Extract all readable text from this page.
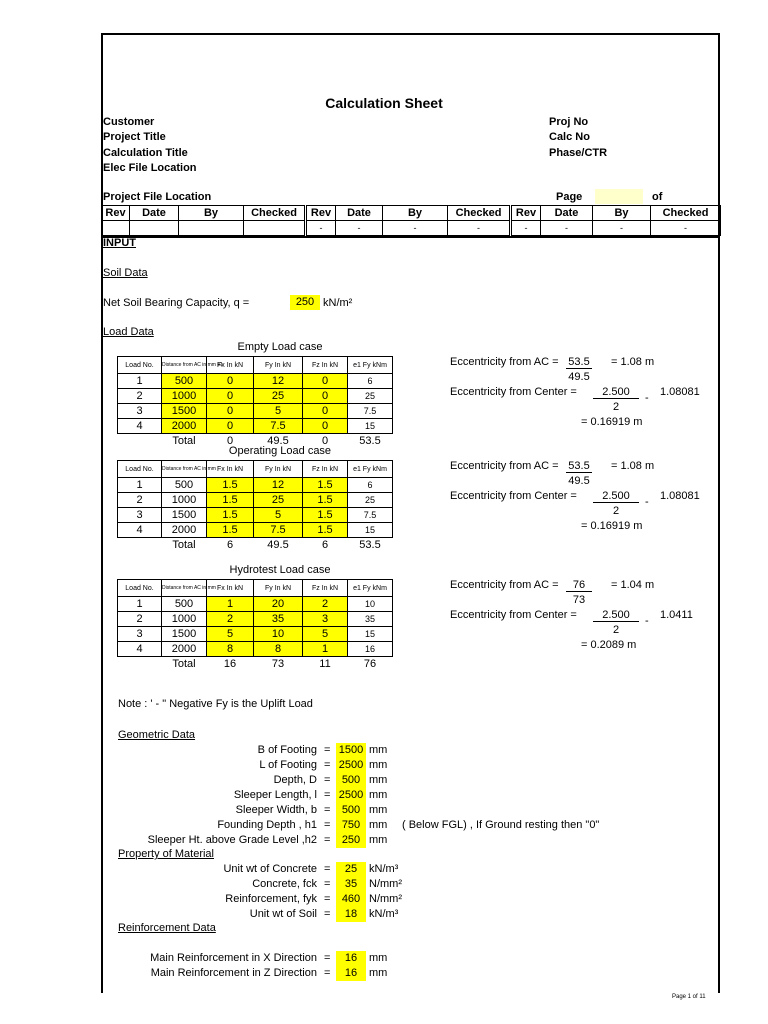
Calculation Sheet
Customer
Project Title
Calculation Title
Elec File Location
Project File Location
Proj No
Calc No
Phase/CTR
Page	of
Rev	Date	By	Checked	Rev	Date	By	Checked	Rev	Date	By	Checked
				-	-	-	-	-	-	-	-
INPUT
Soil Data
Net Soil Bearing Capacity, q =	250 kN/m²
Load Data
Empty Load case
Load No.	Distance from AC in mm e1	Fx In kN	Fy In kN	Fz In kN	e1 Fy kNm
1	500	0	12	0	6
2	1000	0	25	0	25
3	1500	0	5	0	7.5
4	2000	0	7.5	0	15
	Total	0	49.5	0	53.5
Eccentricity from AC = 53.5
49.5
= 1.08 m
Eccentricity from Center =	2.500
2
- 1.08081
= 0.16919 m
Operating Load case
Load No.	Distance from AC in mm	Fx In kN	Fy In kN	Fz In kN	e1 Fy kNm
1	500	1.5	12	1.5	6
2	1000	1.5	25	1.5	25
3	1500	1.5	5	1.5	7.5
4	2000	1.5	7.5	1.5	15
	Total	6	49.5	6	53.5
Eccentricity from AC = 53.5
49.5
= 1.08 m
Eccentricity from Center =	2.500
2
- 1.08081
= 0.16919 m
Hydrotest Load case
Load No.	Distance from AC in mm	Fx In kN	Fy In kN	Fz In kN	e1 Fy kNm
1	500	1	20	2	10
2	1000	2	35	3	35
3	1500	5	10	5	15
4	2000	8	8	1	16
	Total	16	73	11	76
Eccentricity from AC =	76
73
= 1.04 m
Eccentricity from Center =	2.500
2
- 1.0411
= 0.2089 m
Note : ' - " Negative Fy is the Uplift Load
Geometric Data
B of Footing = 1500 mm
L of Footing = 2500 mm
Depth, D =	500 mm
Sleeper Length, l = 2500 mm
Sleeper Width, b =	500 mm
Founding Depth , h1 =	750 mm ( Below FGL) , If Ground resting then "0"
Sleeper Ht. above Grade Level ,h2 =	250 mm
Property of Material
Unit wt of Concrete =	25	kN/m³
Concrete, fck =	35	N/mm²
Reinforcement, fyk =	460 N/mm²
Unit wt of Soil =	18	kN/m³
Reinforcement Data
Main Reinforcement in X Direction =	16	mm
Main Reinforcement in Z Direction =	16	mm
Page 1 of 11
